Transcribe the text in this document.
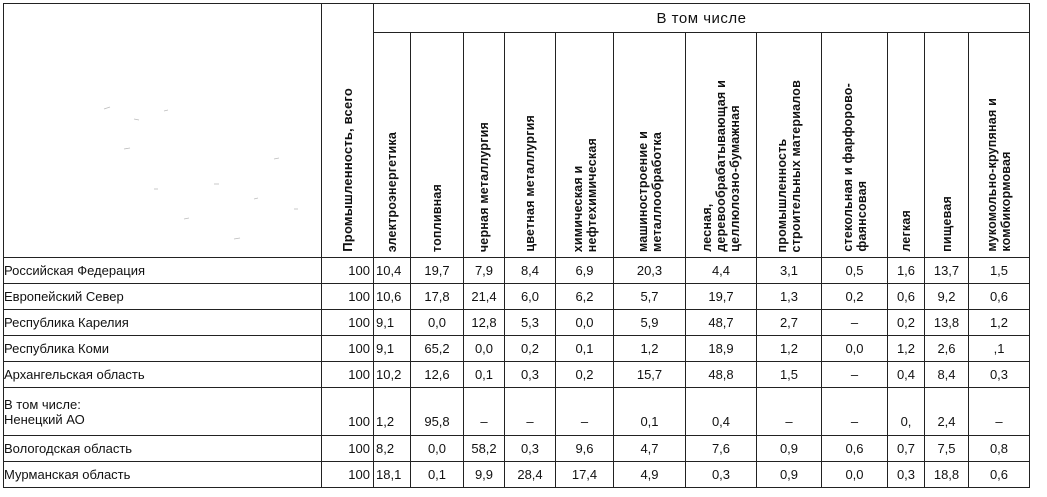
	Промышленность, всего	В том числе											
		электроэнергетика	топливная	черная металлургия	цветная металлургия	химическая и
нефтехимическая	машиностроение и
металлообработка	лесная,
деревообрабатывающая и
целлюлозно-бумажная	промышленность
строительных материалов	стекольная и фарфорово-
фаянсовая	легкая	пищевая	мукомольно-крупяная и
комбикормовая
Российская Федерация	100	10,4	19,7	7,9	8,4	6,9	20,3	4,4	3,1	0,5	1,6	13,7	1,5
Европейский Север	100	10,6	17,8	21,4	6,0	6,2	5,7	19,7	1,3	0,2	0,6	9,2	0,6
Республика Карелия	100	9,1	0,0	12,8	5,3	0,0	5,9	48,7	2,7	–	0,2	13,8	1,2
Республика Коми	100	9,1	65,2	0,0	0,2	0,1	1,2	18,9	1,2	0,0	1,2	2,6	,1
Архангельская область	100	10,2	12,6	0,1	0,3	0,2	15,7	48,8	1,5	–	0,4	8,4	0,3
В том числе:
Ненецкий АО	100	1,2	95,8	–	–	–	0,1	0,4	–	–	0,	2,4	–
Вологодская область	100	8,2	0,0	58,2	0,3	9,6	4,7	7,6	0,9	0,6	0,7	7,5	0,8
Мурманская область	100	18,1	0,1	9,9	28,4	17,4	4,9	0,3	0,9	0,0	0,3	18,8	0,6
